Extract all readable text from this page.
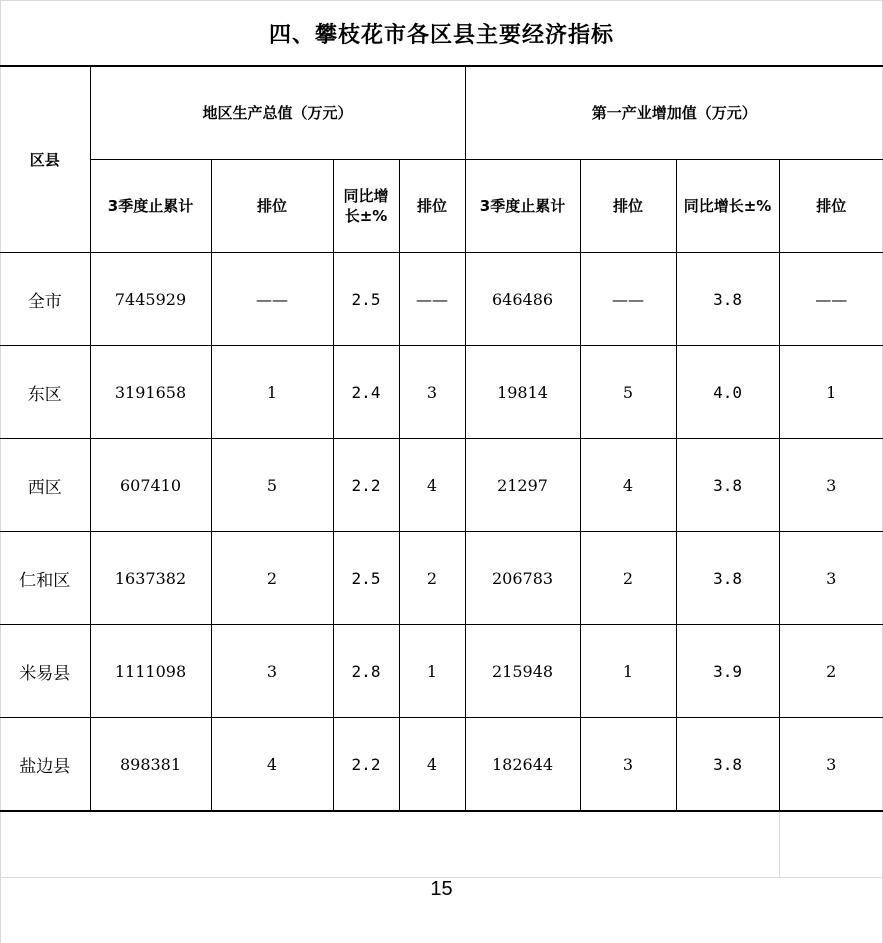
四、攀枝花市各区县主要经济指标
区县	地区生产总值（万元）				第一产业增加值（万元）			
	3季度止累计	排位	同比增长±%	排位	3季度止累计	排位	同比增长±%	排位
全市	7445929	——	2.5	——	646486	——	3.8	——
东区	3191658	1	2.4	3	19814	5	4.0	1
西区	607410	5	2.2	4	21297	4	3.8	3
仁和区	1637382	2	2.5	2	206783	2	3.8	3
米易县	1111098	3	2.8	1	215948	1	3.9	2
盐边县	898381	4	2.2	4	182644	3	3.8	3
15
